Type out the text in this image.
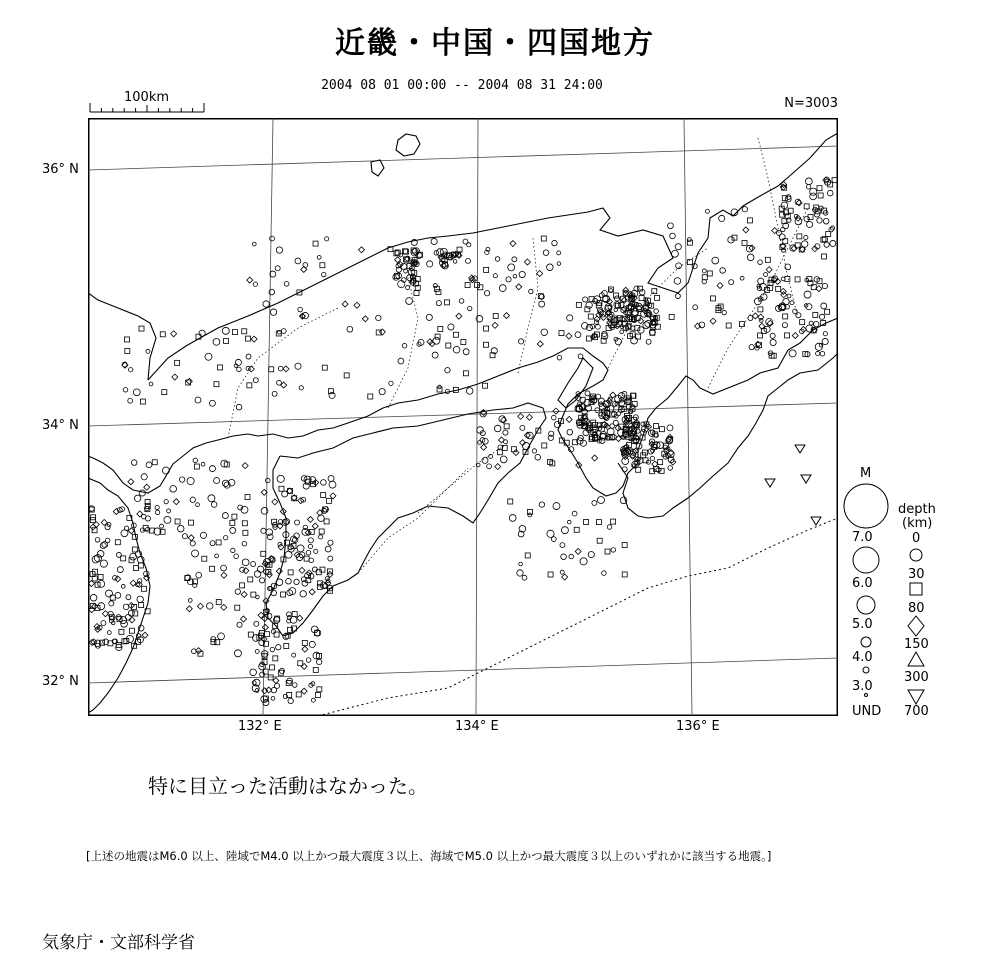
近畿・中国・四国地方
2004 08 01 00:00 -- 2004 08 31 24:00
100km	N=3003
36° N
34° N
32° N
132° E	134° E	136° E
M
7.0
6.0
5.0
4.0
3.0
UND
depth
(km)
0
30
80
150
300
700
特に目立った活動はなかった。
[上述の地震はM6.0 以上、陸域でM4.0 以上かつ最大震度３以上、海域でM5.0 以上かつ最大震度３以上のいずれかに該当する地震。]
気象庁・文部科学省
